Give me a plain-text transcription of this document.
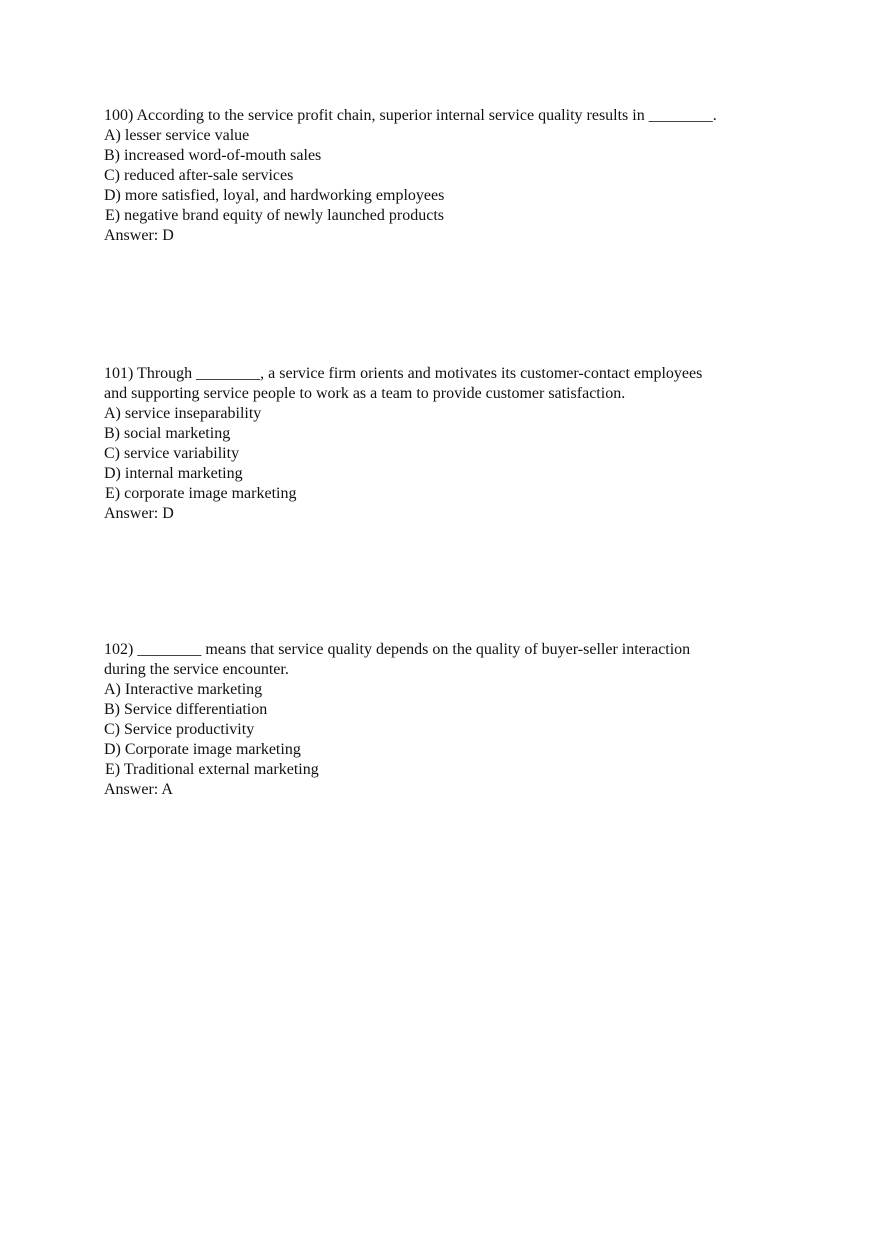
100) According to the service profit chain, superior internal service quality results in ________.
A) lesser service value
B) increased word-of-mouth sales
C) reduced after-sale services
D) more satisfied, loyal, and hardworking employees
E) negative brand equity of newly launched products
Answer: D
101) Through ________, a service firm orients and motivates its customer-contact employees
and supporting service people to work as a team to provide customer satisfaction.
A) service inseparability
B) social marketing
C) service variability
D) internal marketing
E) corporate image marketing
Answer: D
102) ________ means that service quality depends on the quality of buyer-seller interaction
during the service encounter.
A) Interactive marketing
B) Service differentiation
C) Service productivity
D) Corporate image marketing
E) Traditional external marketing
Answer: A
